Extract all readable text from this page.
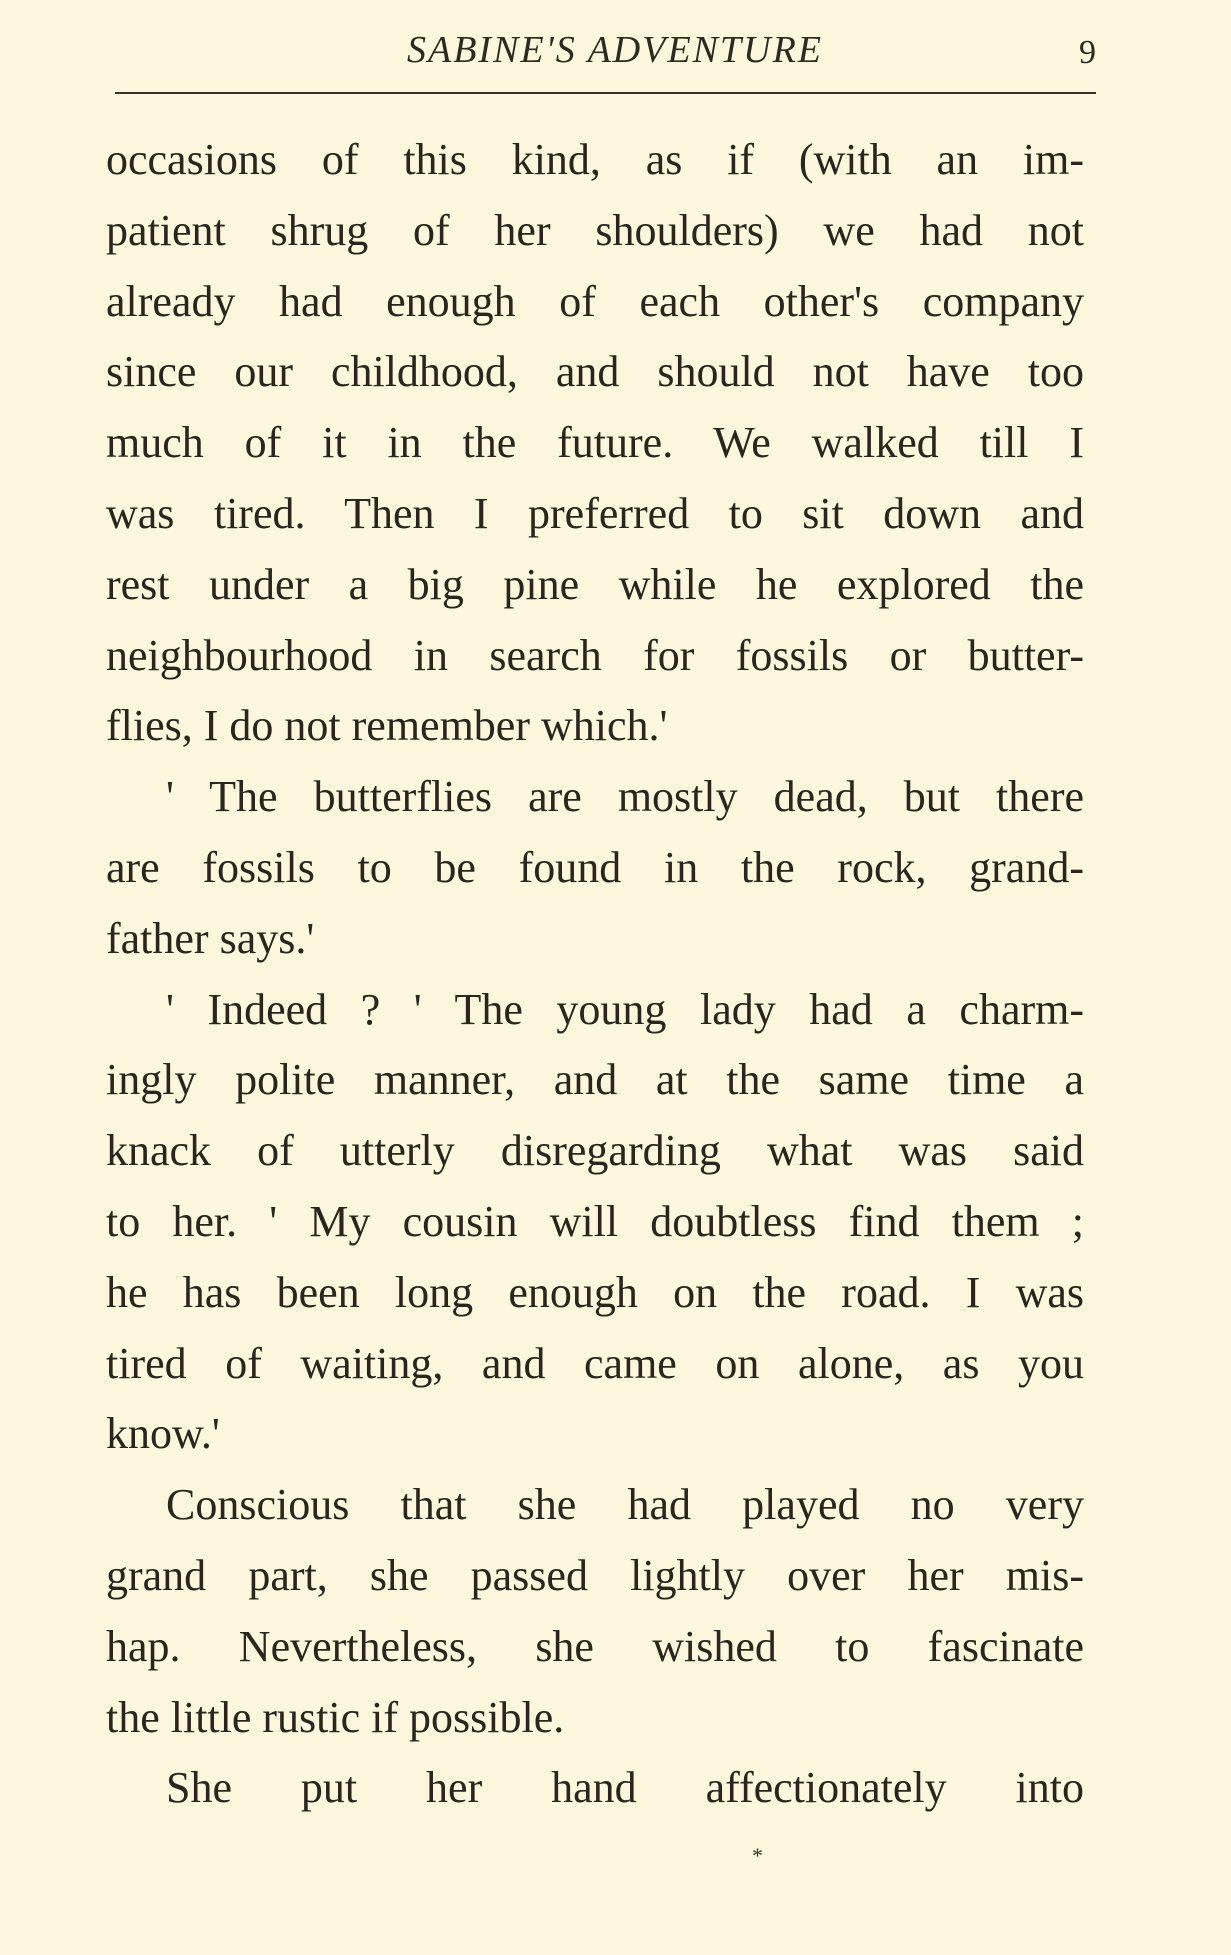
SABINE'S ADVENTURE	9
occasions of this kind, as if (with an im-
patient shrug of her shoulders) we had not
already had enough of each other's company
since our childhood, and should not have too
much of it in the future. We walked till I
was tired. Then I preferred to sit down and
rest under a big pine while he explored the
neighbourhood in search for fossils or butter-
flies, I do not remember which.'
' The butterflies are mostly dead, but there
are fossils to be found in the rock, grand-
father says.'
' Indeed ? ' The young lady had a charm-
ingly polite manner, and at the same time a
knack of utterly disregarding what was said
to her. ' My cousin will doubtless find them ;
he has been long enough on the road. I was
tired of waiting, and came on alone, as you
know.'
Conscious that she had played no very
grand part, she passed lightly over her mis-
hap. Nevertheless, she wished to fascinate
the little rustic if possible.
She put her hand affectionately into
*
